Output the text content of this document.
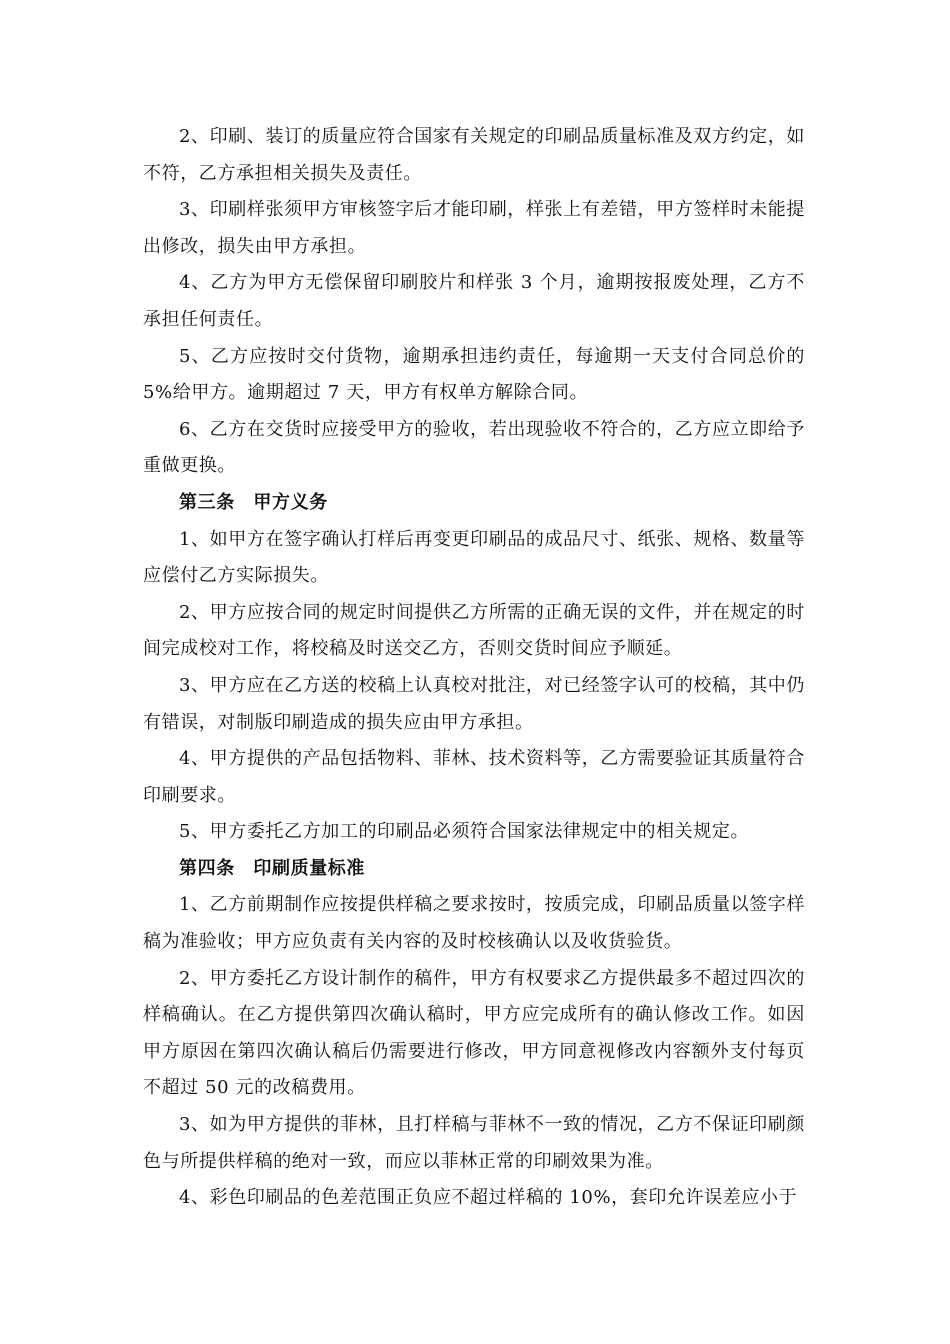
2、印刷、装订的质量应符合国家有关规定的印刷品质量标准及双方约定，如不符，乙方承担相关损失及责任。

3、印刷样张须甲方审核签字后才能印刷，样张上有差错，甲方签样时未能提出修改，损失由甲方承担。

4、乙方为甲方无偿保留印刷胶片和样张 3 个月，逾期按报废处理，乙方不承担任何责任。

5、乙方应按时交付货物，逾期承担违约责任，每逾期一天支付合同总价的5%给甲方。逾期超过 7 天，甲方有权单方解除合同。

6、乙方在交货时应接受甲方的验收，若出现验收不符合的，乙方应立即给予重做更换。

第三条　甲方义务

1、如甲方在签字确认打样后再变更印刷品的成品尺寸、纸张、规格、数量等应偿付乙方实际损失。

2、甲方应按合同的规定时间提供乙方所需的正确无误的文件，并在规定的时间完成校对工作，将校稿及时送交乙方，否则交货时间应予顺延。

3、甲方应在乙方送的校稿上认真校对批注，对已经签字认可的校稿，其中仍有错误，对制版印刷造成的损失应由甲方承担。

4、甲方提供的产品包括物料、菲林、技术资料等，乙方需要验证其质量符合印刷要求。

5、甲方委托乙方加工的印刷品必须符合国家法律规定中的相关规定。

第四条　印刷质量标准

1、乙方前期制作应按提供样稿之要求按时，按质完成，印刷品质量以签字样稿为准验收；甲方应负责有关内容的及时校核确认以及收货验货。

2、甲方委托乙方设计制作的稿件，甲方有权要求乙方提供最多不超过四次的样稿确认。在乙方提供第四次确认稿时，甲方应完成所有的确认修改工作。如因甲方原因在第四次确认稿后仍需要进行修改，甲方同意视修改内容额外支付每页不超过 50 元的改稿费用。

3、如为甲方提供的菲林，且打样稿与菲林不一致的情况，乙方不保证印刷颜色与所提供样稿的绝对一致，而应以菲林正常的印刷效果为准。

4、彩色印刷品的色差范围正负应不超过样稿的 10%，套印允许误差应小于
